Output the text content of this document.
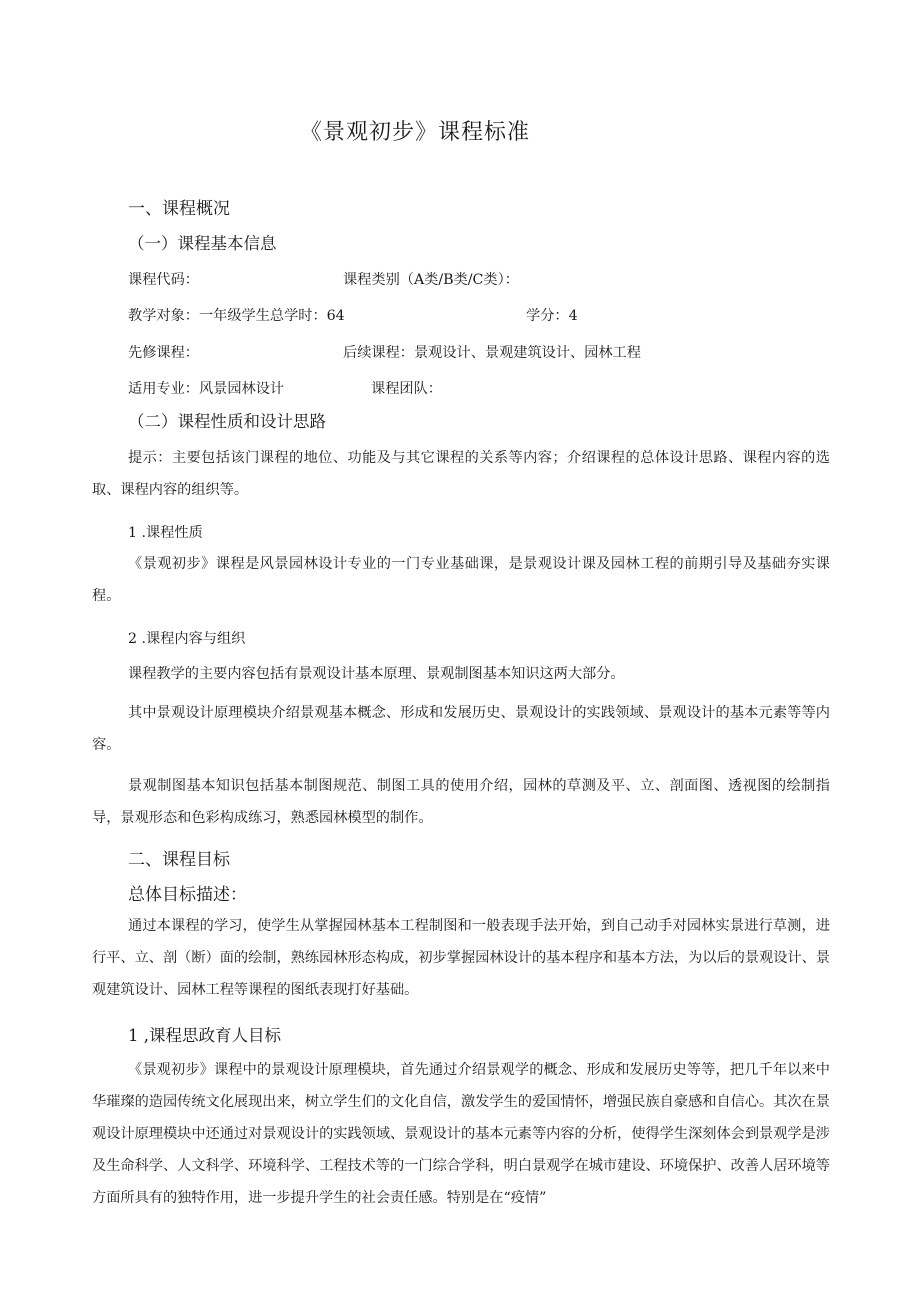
《景观初步》课程标准
一、课程概况
（一）课程基本信息
课程代码：	课程类别（A类/B类/C类）：
教学对象：一年级学生总学时：64	学分：4
先修课程：	后续课程：景观设计、景观建筑设计、园林工程
适用专业：风景园林设计	课程团队：
（二）课程性质和设计思路
提示：主要包括该门课程的地位、功能及与其它课程的关系等内容；介绍课程的总体设计思路、课程内容的选取、课程内容的组织等。
1 .课程性质
《景观初步》课程是风景园林设计专业的一门专业基础课，是景观设计课及园林工程的前期引导及基础夯实课程。
2 .课程内容与组织
课程教学的主要内容包括有景观设计基本原理、景观制图基本知识这两大部分。
其中景观设计原理模块介绍景观基本概念、形成和发展历史、景观设计的实践领域、景观设计的基本元素等等内容。
景观制图基本知识包括基本制图规范、制图工具的使用介绍，园林的草测及平、立、剖面图、透视图的绘制指导，景观形态和色彩构成练习，熟悉园林模型的制作。
二、课程目标
总体目标描述：
通过本课程的学习，使学生从掌握园林基本工程制图和一般表现手法开始，到自己动手对园林实景进行草测，进行平、立、剖（断）面的绘制，熟练园林形态构成，初步掌握园林设计的基本程序和基本方法，为以后的景观设计、景观建筑设计、园林工程等课程的图纸表现打好基础。
1 ,课程思政育人目标
《景观初步》课程中的景观设计原理模块，首先通过介绍景观学的概念、形成和发展历史等等，把几千年以来中华璀璨的造园传统文化展现出来，树立学生们的文化自信，激发学生的爱国情怀，增强民族自豪感和自信心。其次在景观设计原理模块中还通过对景观设计的实践领域、景观设计的基本元素等内容的分析，使得学生深刻体会到景观学是涉及生命科学、人文科学、环境科学、工程技术等的一门综合学科，明白景观学在城市建设、环境保护、改善人居环境等方面所具有的独特作用，进一步提升学生的社会责任感。特别是在“疫情”
